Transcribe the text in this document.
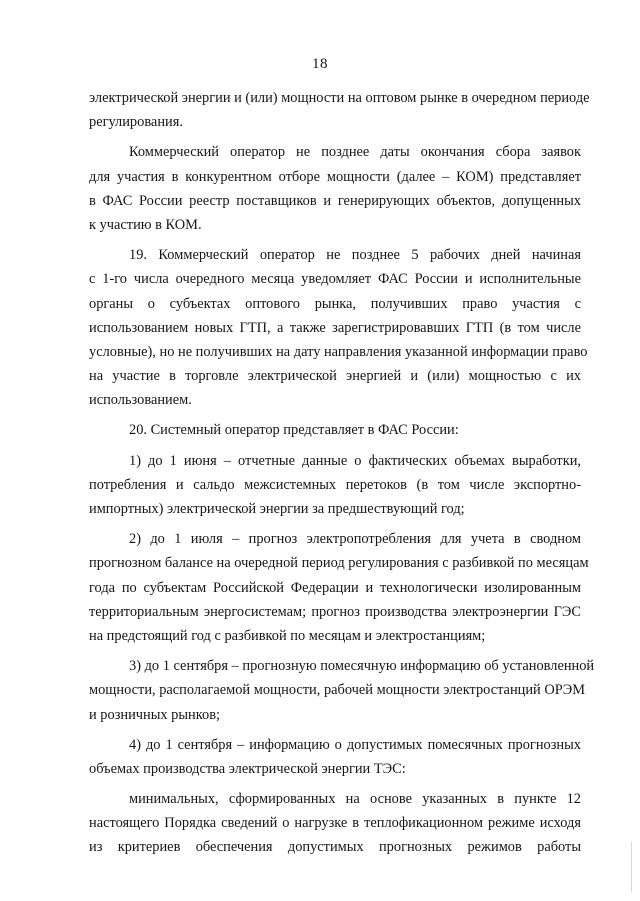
18
электрической энергии и (или) мощности на оптовом рынке в очередном периоде
регулирования.
Коммерческий оператор не позднее даты окончания сбора заявок
для участия в конкурентном отборе мощности (далее – КОМ) представляет
в ФАС России реестр поставщиков и генерирующих объектов, допущенных
к участию в КОМ.
19. Коммерческий оператор не позднее 5 рабочих дней начиная
с 1-го числа очередного месяца уведомляет ФАС России и исполнительные
органы о субъектах оптового рынка, получивших право участия с
использованием новых ГТП, а также зарегистрировавших ГТП (в том числе
условные), но не получивших на дату направления указанной информации право
на участие в торговле электрической энергией и (или) мощностью с их
использованием.
20. Системный оператор представляет в ФАС России:
1) до 1 июня – отчетные данные о фактических объемах выработки,
потребления и сальдо межсистемных перетоков (в том числе экспортно-
импортных) электрической энергии за предшествующий год;
2) до 1 июля – прогноз электропотребления для учета в сводном
прогнозном балансе на очередной период регулирования с разбивкой по месяцам
года по субъектам Российской Федерации и технологически изолированным
территориальным энергосистемам; прогноз производства электроэнергии ГЭС
на предстоящий год с разбивкой по месяцам и электростанциям;
3) до 1 сентября – прогнозную помесячную информацию об установленной
мощности, располагаемой мощности, рабочей мощности электростанций ОРЭМ
и розничных рынков;
4) до 1 сентября – информацию о допустимых помесячных прогнозных
объемах производства электрической энергии ТЭС:
минимальных, сформированных на основе указанных в пункте 12
настоящего Порядка сведений о нагрузке в теплофикационном режиме исходя
из критериев обеспечения допустимых прогнозных режимов работы
